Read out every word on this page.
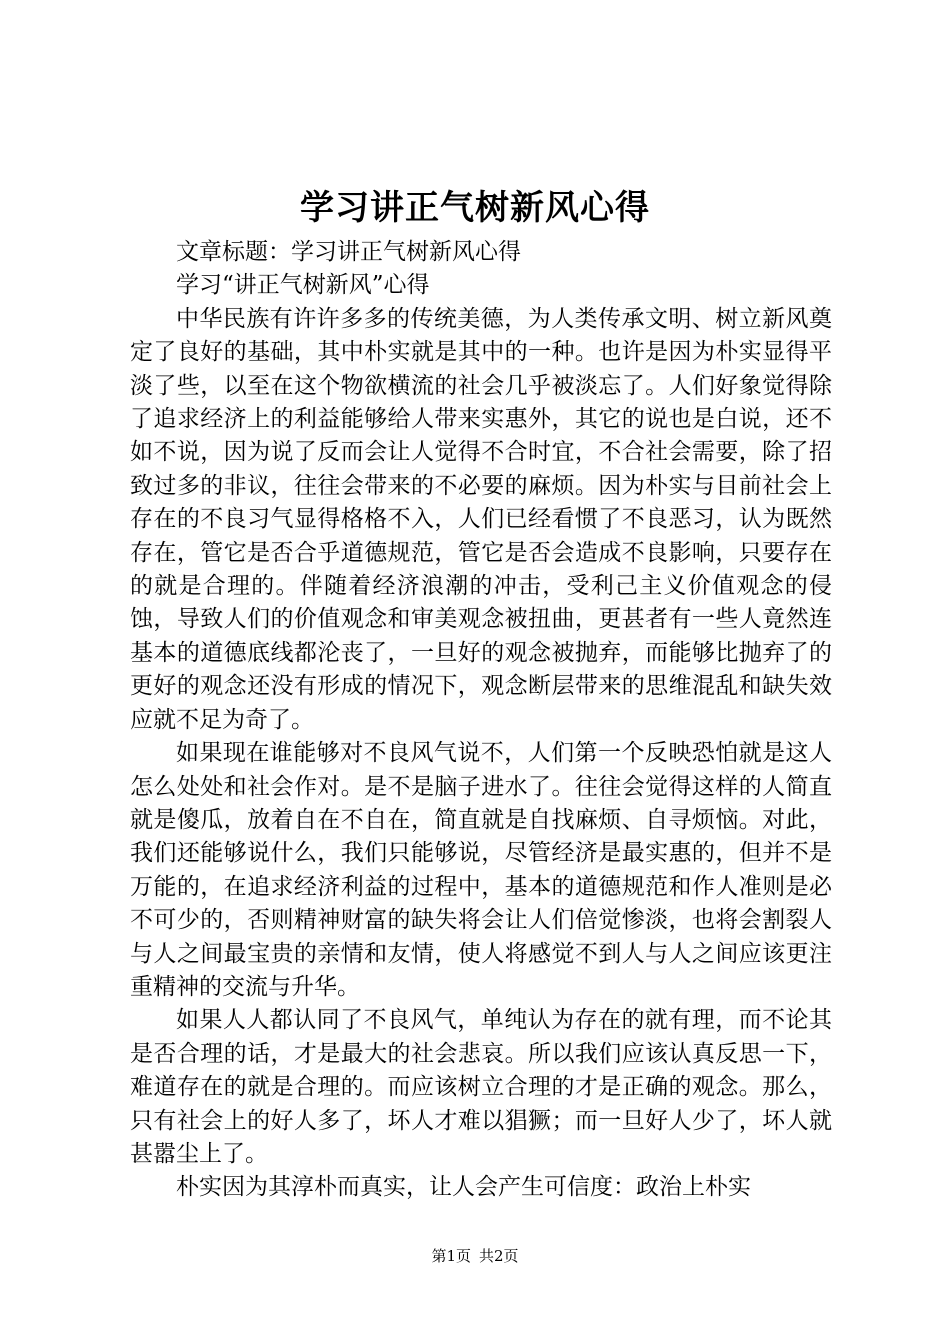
学习讲正气树新风心得

文章标题：学习讲正气树新风心得

学习“讲正气树新风”心得

中华民族有许许多多的传统美德，为人类传承文明、树立新风奠定了良好的基础，其中朴实就是其中的一种。也许是因为朴实显得平淡了些，以至在这个物欲横流的社会几乎被淡忘了。人们好象觉得除了追求经济上的利益能够给人带来实惠外，其它的说也是白说，还不如不说，因为说了反而会让人觉得不合时宜，不合社会需要，除了招致过多的非议，往往会带来的不必要的麻烦。因为朴实与目前社会上存在的不良习气显得格格不入，人们已经看惯了不良恶习，认为既然存在，管它是否合乎道德规范，管它是否会造成不良影响，只要存在的就是合理的。伴随着经济浪潮的冲击，受利己主义价值观念的侵蚀，导致人们的价值观念和审美观念被扭曲，更甚者有一些人竟然连基本的道德底线都沦丧了，一旦好的观念被抛弃，而能够比抛弃了的更好的观念还没有形成的情况下，观念断层带来的思维混乱和缺失效应就不足为奇了。

如果现在谁能够对不良风气说不，人们第一个反映恐怕就是这人怎么处处和社会作对。是不是脑子进水了。往往会觉得这样的人简直就是傻瓜，放着自在不自在，简直就是自找麻烦、自寻烦恼。对此，我们还能够说什么，我们只能够说，尽管经济是最实惠的，但并不是万能的，在追求经济利益的过程中，基本的道德规范和作人准则是必不可少的，否则精神财富的缺失将会让人们倍觉惨淡，也将会割裂人与人之间最宝贵的亲情和友情，使人将感觉不到人与人之间应该更注重精神的交流与升华。

如果人人都认同了不良风气，单纯认为存在的就有理，而不论其是否合理的话，才是最大的社会悲哀。所以我们应该认真反思一下，难道存在的就是合理的。而应该树立合理的才是正确的观念。那么，只有社会上的好人多了，坏人才难以猖獗；而一旦好人少了，坏人就甚嚣尘上了。

朴实因为其淳朴而真实，让人会产生可信度：政治上朴实

第1页 共2页
